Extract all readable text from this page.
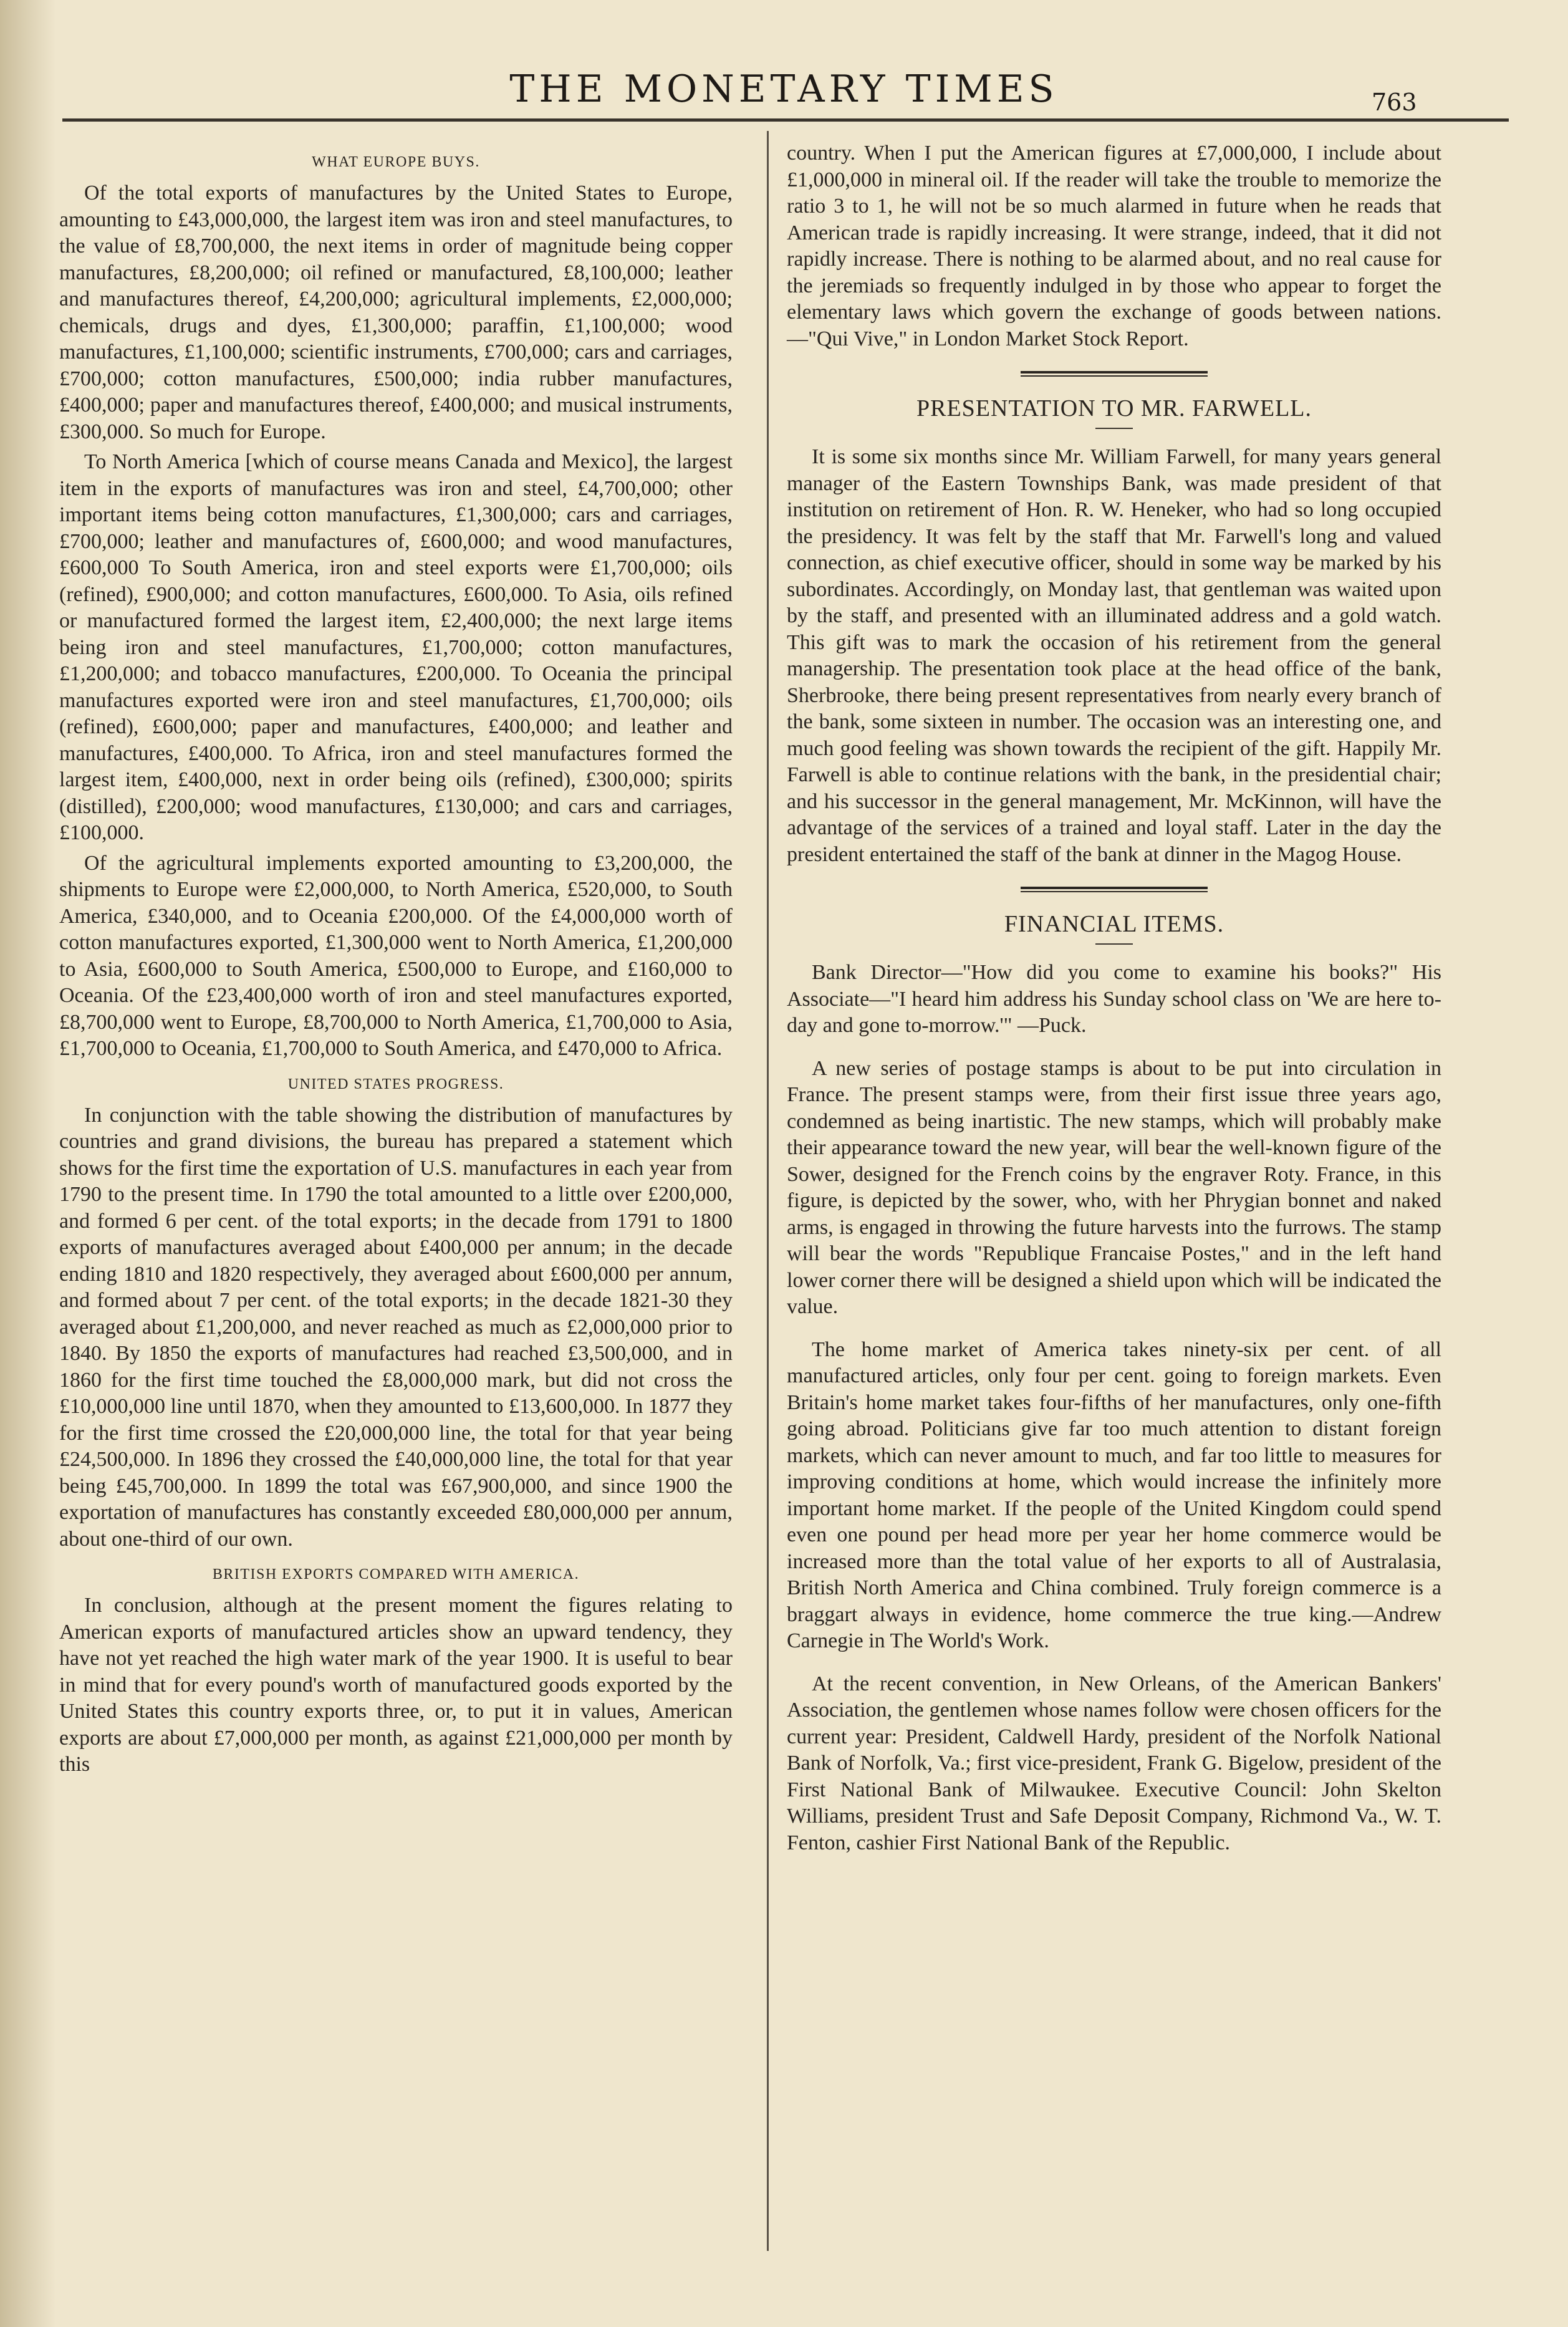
THE MONETARY TIMES	763
WHAT EUROPE BUYS.

Of the total exports of manufactures by the United States to Europe, amounting to £43,000,000, the largest item was iron and steel manufactures, to the value of £8,700,000, the next items in order of magnitude being copper manufactures, £8,200,000; oil refined or manufactured, £8,100,000; leather and manufactures thereof, £4,200,000; agricultural implements, £2,000,000; chemicals, drugs and dyes, £1,300,000; paraffin, £1,100,000; wood manufactures, £1,100,000; scientific instruments, £700,000; cars and carriages, £700,000; cotton manufactures, £500,000; india rubber manufactures, £400,000; paper and manufactures thereof, £400,000; and musical instruments, £300,000. So much for Europe.

To North America [which of course means Canada and Mexico], the largest item in the exports of manufactures was iron and steel, £4,700,000; other important items being cotton manufactures, £1,300,000; cars and carriages, £700,000; leather and manufactures of, £600,000; and wood manufactures, £600,000 To South America, iron and steel exports were £1,700,000; oils (refined), £900,000; and cotton manufactures, £600,000. To Asia, oils refined or manufactured formed the largest item, £2,400,000; the next large items being iron and steel manufactures, £1,700,000; cotton manufactures, £1,200,000; and tobacco manufactures, £200,000. To Oceania the principal manufactures exported were iron and steel manufactures, £1,700,000; oils (refined), £600,000; paper and manufactures, £400,000; and leather and manufactures, £400,000. To Africa, iron and steel manufactures formed the largest item, £400,000, next in order being oils (refined), £300,000; spirits (distilled), £200,000; wood manufactures, £130,000; and cars and carriages, £100,000.

Of the agricultural implements exported amounting to £3,200,000, the shipments to Europe were £2,000,000, to North America, £520,000, to South America, £340,000, and to Oceania £200,000. Of the £4,000,000 worth of cotton manufactures exported, £1,300,000 went to North America, £1,200,000 to Asia, £600,000 to South America, £500,000 to Europe, and £160,000 to Oceania. Of the £23,400,000 worth of iron and steel manufactures exported, £8,700,000 went to Europe, £8,700,000 to North America, £1,700,000 to Asia, £1,700,000 to Oceania, £1,700,000 to South America, and £470,000 to Africa.

UNITED STATES PROGRESS.

In conjunction with the table showing the distribution of manufactures by countries and grand divisions, the bureau has prepared a statement which shows for the first time the exportation of U.S. manufactures in each year from 1790 to the present time. In 1790 the total amounted to a little over £200,000, and formed 6 per cent. of the total exports; in the decade from 1791 to 1800 exports of manufactures averaged about £400,000 per annum; in the decade ending 1810 and 1820 respectively, they averaged about £600,000 per annum, and formed about 7 per cent. of the total exports; in the decade 1821-30 they averaged about £1,200,000, and never reached as much as £2,000,000 prior to 1840. By 1850 the exports of manufactures had reached £3,500,000, and in 1860 for the first time touched the £8,000,000 mark, but did not cross the £10,000,000 line until 1870, when they amounted to £13,600,000. In 1877 they for the first time crossed the £20,000,000 line, the total for that year being £24,500,000. In 1896 they crossed the £40,000,000 line, the total for that year being £45,700,000. In 1899 the total was £67,900,000, and since 1900 the exportation of manufactures has constantly exceeded £80,000,000 per annum, about one-third of our own.

BRITISH EXPORTS COMPARED WITH AMERICA.

In conclusion, although at the present moment the figures relating to American exports of manufactured articles show an upward tendency, they have not yet reached the high water mark of the year 1900. It is useful to bear in mind that for every pound's worth of manufactured goods exported by the United States this country exports three, or, to put it in values, American exports are about £7,000,000 per month, as against £21,000,000 per month by this

country. When I put the American figures at £7,000,000, I include about £1,000,000 in mineral oil. If the reader will take the trouble to memorize the ratio 3 to 1, he will not be so much alarmed in future when he reads that American trade is rapidly increasing. It were strange, indeed, that it did not rapidly increase. There is nothing to be alarmed about, and no real cause for the jeremiads so frequently indulged in by those who appear to forget the elementary laws which govern the exchange of goods between nations.—"Qui Vive," in London Market Stock Report.

PRESENTATION TO MR. FARWELL.

It is some six months since Mr. William Farwell, for many years general manager of the Eastern Townships Bank, was made president of that institution on retirement of Hon. R. W. Heneker, who had so long occupied the presidency. It was felt by the staff that Mr. Farwell's long and valued connection, as chief executive officer, should in some way be marked by his subordinates. Accordingly, on Monday last, that gentleman was waited upon by the staff, and presented with an illuminated address and a gold watch. This gift was to mark the occasion of his retirement from the general managership. The presentation took place at the head office of the bank, Sherbrooke, there being present representatives from nearly every branch of the bank, some sixteen in number. The occasion was an interesting one, and much good feeling was shown towards the recipient of the gift. Happily Mr. Farwell is able to continue relations with the bank, in the presidential chair; and his successor in the general management, Mr. McKinnon, will have the advantage of the services of a trained and loyal staff. Later in the day the president entertained the staff of the bank at dinner in the Magog House.

FINANCIAL ITEMS.

Bank Director—"How did you come to examine his books?" His Associate—"I heard him address his Sunday school class on 'We are here to-day and gone to-morrow.'" —Puck.

A new series of postage stamps is about to be put into circulation in France. The present stamps were, from their first issue three years ago, condemned as being inartistic. The new stamps, which will probably make their appearance toward the new year, will bear the well-known figure of the Sower, designed for the French coins by the engraver Roty. France, in this figure, is depicted by the sower, who, with her Phrygian bonnet and naked arms, is engaged in throwing the future harvests into the furrows. The stamp will bear the words "Republique Francaise Postes," and in the left hand lower corner there will be designed a shield upon which will be indicated the value.

The home market of America takes ninety-six per cent. of all manufactured articles, only four per cent. going to foreign markets. Even Britain's home market takes four-fifths of her manufactures, only one-fifth going abroad. Politicians give far too much attention to distant foreign markets, which can never amount to much, and far too little to measures for improving conditions at home, which would increase the infinitely more important home market. If the people of the United Kingdom could spend even one pound per head more per year her home commerce would be increased more than the total value of her exports to all of Australasia, British North America and China combined. Truly foreign commerce is a braggart always in evidence, home commerce the true king.—Andrew Carnegie in The World's Work.

At the recent convention, in New Orleans, of the American Bankers' Association, the gentlemen whose names follow were chosen officers for the current year: President, Caldwell Hardy, president of the Norfolk National Bank of Norfolk, Va.; first vice-president, Frank G. Bigelow, president of the First National Bank of Milwaukee. Executive Council: John Skelton Williams, president Trust and Safe Deposit Company, Richmond Va., W. T. Fenton, cashier First National Bank of the Republic.
